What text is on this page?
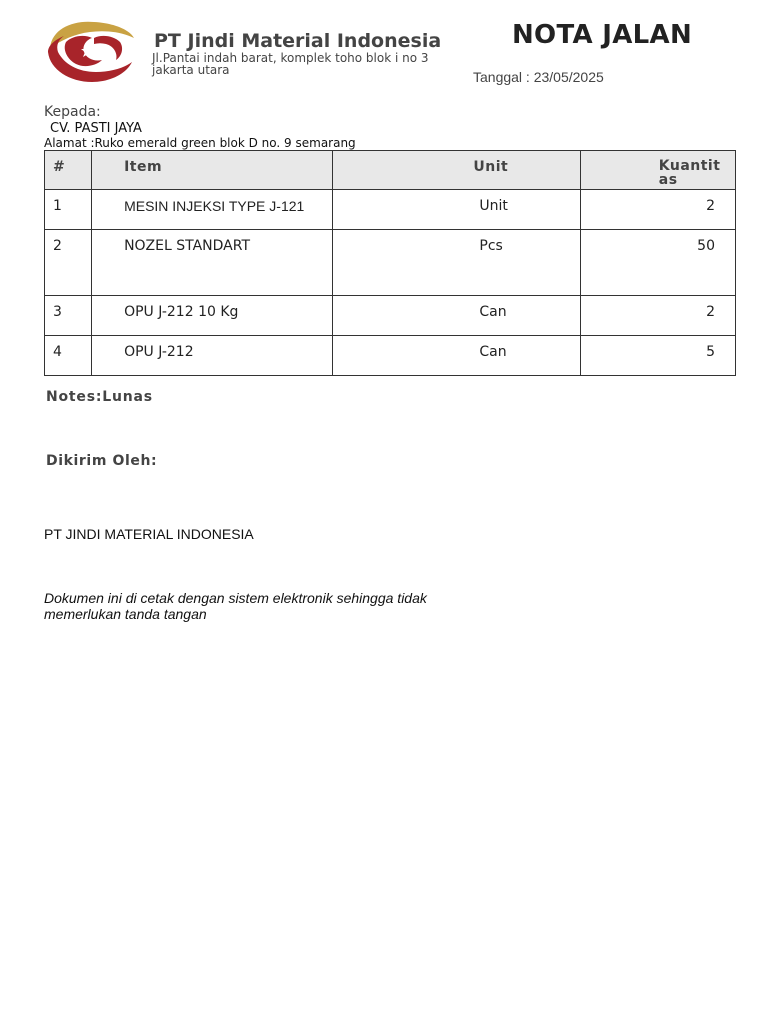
PT Jindi Material Indonesia
Jl.Pantai indah barat, komplek toho blok i no 3 jakarta utara
NOTA JALAN
Tanggal : 23/05/2025
Kepada:
CV. PASTI JAYA
Alamat :Ruko emerald green blok D no. 9 semarang
#	Item	Unit	Kuantitas

1	MESIN INJEKSI TYPE J-121	Unit	2

2	NOZEL STANDART	Pcs	50

3	OPU J-212 10 Kg	Can	2

4	OPU J-212	Can	5
Notes:Lunas
Dikirim Oleh:
PT JINDI MATERIAL INDONESIA
Dokumen ini di cetak dengan sistem elektronik sehingga tidak memerlukan tanda tangan
